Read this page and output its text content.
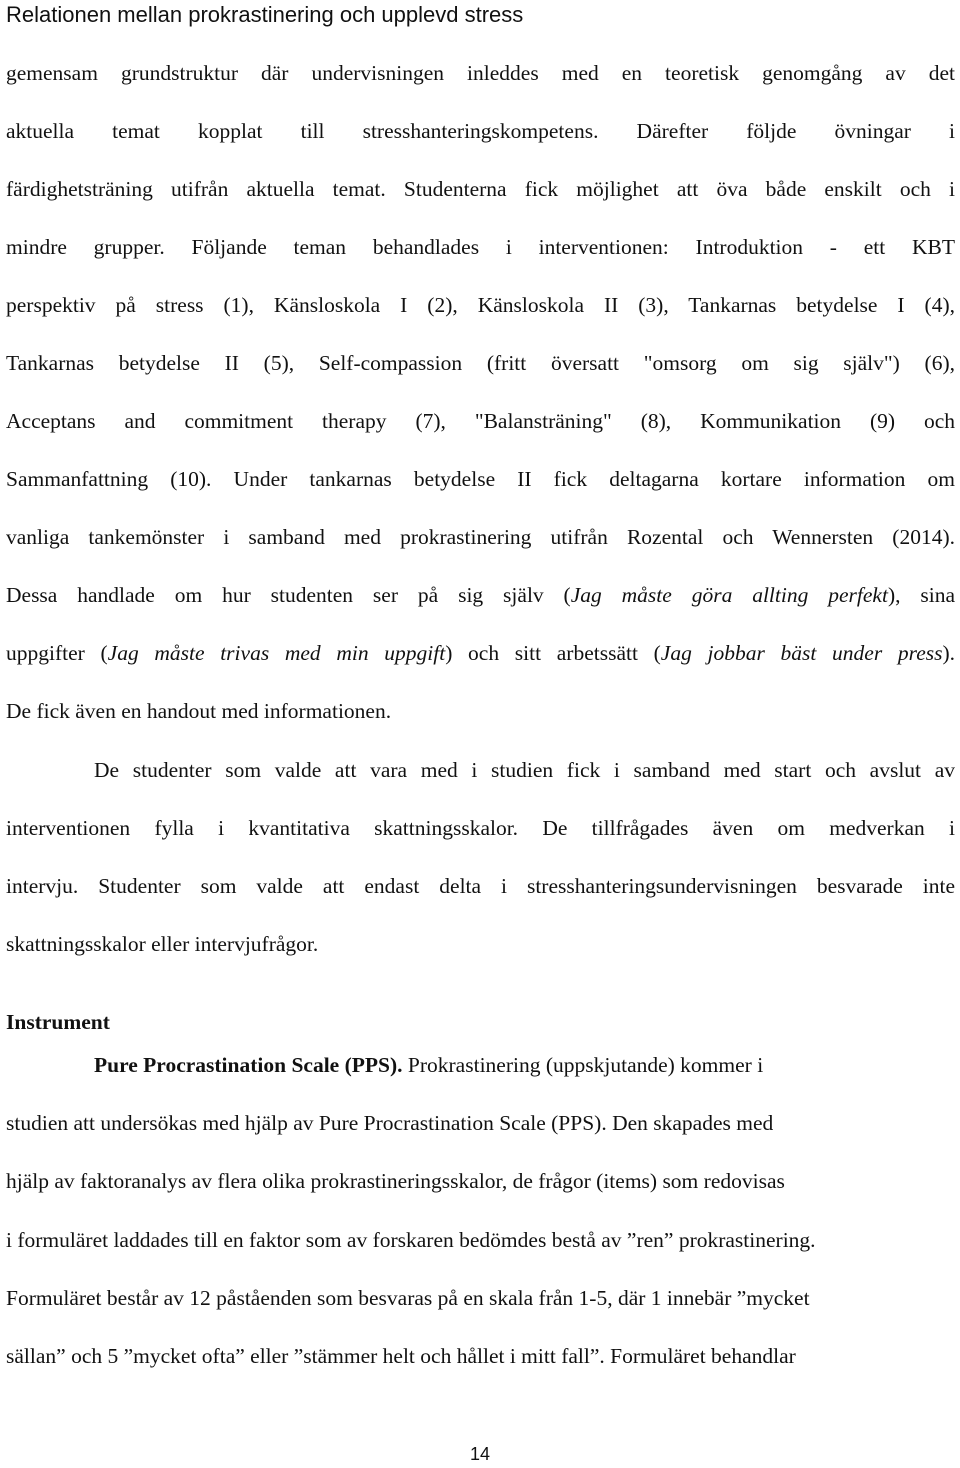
Relationen mellan prokrastinering och upplevd stress
gemensam grundstruktur där undervisningen inleddes med en teoretisk genomgång av det
aktuella temat kopplat till stresshanteringskompetens. Därefter följde övningar i
färdighetsträning utifrån aktuella temat. Studenterna fick möjlighet att öva både enskilt och i
mindre grupper. Följande teman behandlades i interventionen: Introduktion - ett KBT
perspektiv på stress (1), Känsloskola I (2), Känsloskola II (3), Tankarnas betydelse I (4),
Tankarnas betydelse II (5), Self-compassion (fritt översatt "omsorg om sig själv") (6),
Acceptans and commitment therapy (7), "Balansträning" (8), Kommunikation (9) och
Sammanfattning (10). Under tankarnas betydelse II fick deltagarna kortare information om
vanliga tankemönster i samband med prokrastinering utifrån Rozental och Wennersten (2014).
Dessa handlade om hur studenten ser på sig själv (Jag måste göra allting perfekt), sina
uppgifter (Jag måste trivas med min uppgift) och sitt arbetssätt (Jag jobbar bäst under press).
De fick även en handout med informationen.
De studenter som valde att vara med i studien fick i samband med start och avslut av
interventionen fylla i kvantitativa skattningsskalor. De tillfrågades även om medverkan i
intervju. Studenter som valde att endast delta i stresshanteringsundervisningen besvarade inte
skattningsskalor eller intervjufrågor.
Instrument
Pure Procrastination Scale (PPS). Prokrastinering (uppskjutande) kommer i
studien att undersökas med hjälp av Pure Procrastination Scale (PPS). Den skapades med
hjälp av faktoranalys av flera olika prokrastineringsskalor, de frågor (items) som redovisas
i formuläret laddades till en faktor som av forskaren bedömdes bestå av ”ren” prokrastinering.
Formuläret består av 12 påståenden som besvaras på en skala från 1-5, där 1 innebär ”mycket
sällan” och 5 ”mycket ofta” eller ”stämmer helt och hållet i mitt fall”. Formuläret behandlar
14
